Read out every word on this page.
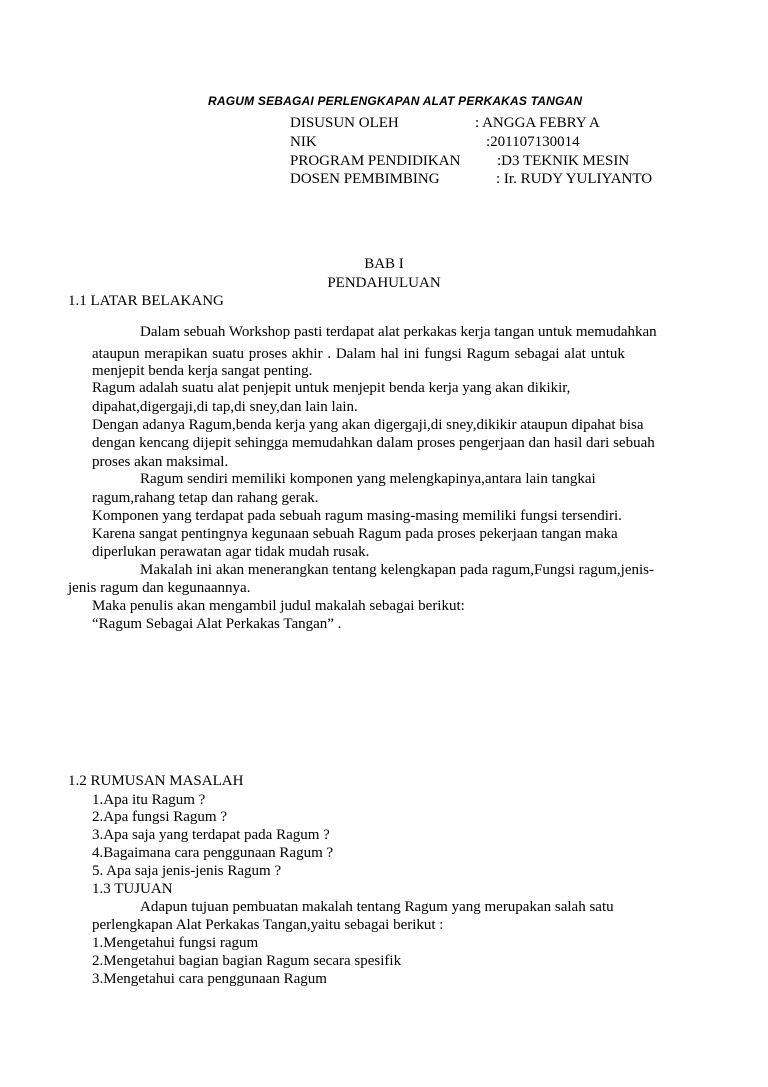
RAGUM SEBAGAI PERLENGKAPAN ALAT PERKAKAS TANGAN
DISUSUN OLEH	: ANGGA FEBRY A
NIK	:201107130014
PROGRAM PENDIDIKAN :D3 TEKNIK MESIN
DOSEN PEMBIMBING	: Ir. RUDY YULIYANTO
BAB I
PENDAHULUAN
1.1 LATAR BELAKANG
Dalam sebuah Workshop pasti terdapat alat perkakas kerja tangan untuk memudahkan
ataupun merapikan suatu proses akhir . Dalam hal ini fungsi Ragum sebagai alat untuk
menjepit benda kerja sangat penting.
Ragum adalah suatu alat penjepit untuk menjepit benda kerja yang akan dikikir,
dipahat,digergaji,di tap,di sney,dan lain lain.
Dengan adanya Ragum,benda kerja yang akan digergaji,di sney,dikikir ataupun dipahat bisa
dengan kencang dijepit sehingga memudahkan dalam proses pengerjaan dan hasil dari sebuah
proses akan maksimal.
Ragum sendiri memiliki komponen yang melengkapinya,antara lain tangkai
ragum,rahang tetap dan rahang gerak.
Komponen yang terdapat pada sebuah ragum masing-masing memiliki fungsi tersendiri.
Karena sangat pentingnya kegunaan sebuah Ragum pada proses pekerjaan tangan maka
diperlukan perawatan agar tidak mudah rusak.
Makalah ini akan menerangkan tentang kelengkapan pada ragum,Fungsi ragum,jenis-
jenis ragum dan kegunaannya.
Maka penulis akan mengambil judul makalah sebagai berikut:
“Ragum Sebagai Alat Perkakas Tangan” .
1.2 RUMUSAN MASALAH
1.Apa itu Ragum ?
2.Apa fungsi Ragum ?
3.Apa saja yang terdapat pada Ragum ?
4.Bagaimana cara penggunaan Ragum ?
5. Apa saja jenis-jenis Ragum ?
1.3 TUJUAN
Adapun tujuan pembuatan makalah tentang Ragum yang merupakan salah satu
perlengkapan Alat Perkakas Tangan,yaitu sebagai berikut :
1.Mengetahui fungsi ragum
2.Mengetahui bagian bagian Ragum secara spesifik
3.Mengetahui cara penggunaan Ragum
